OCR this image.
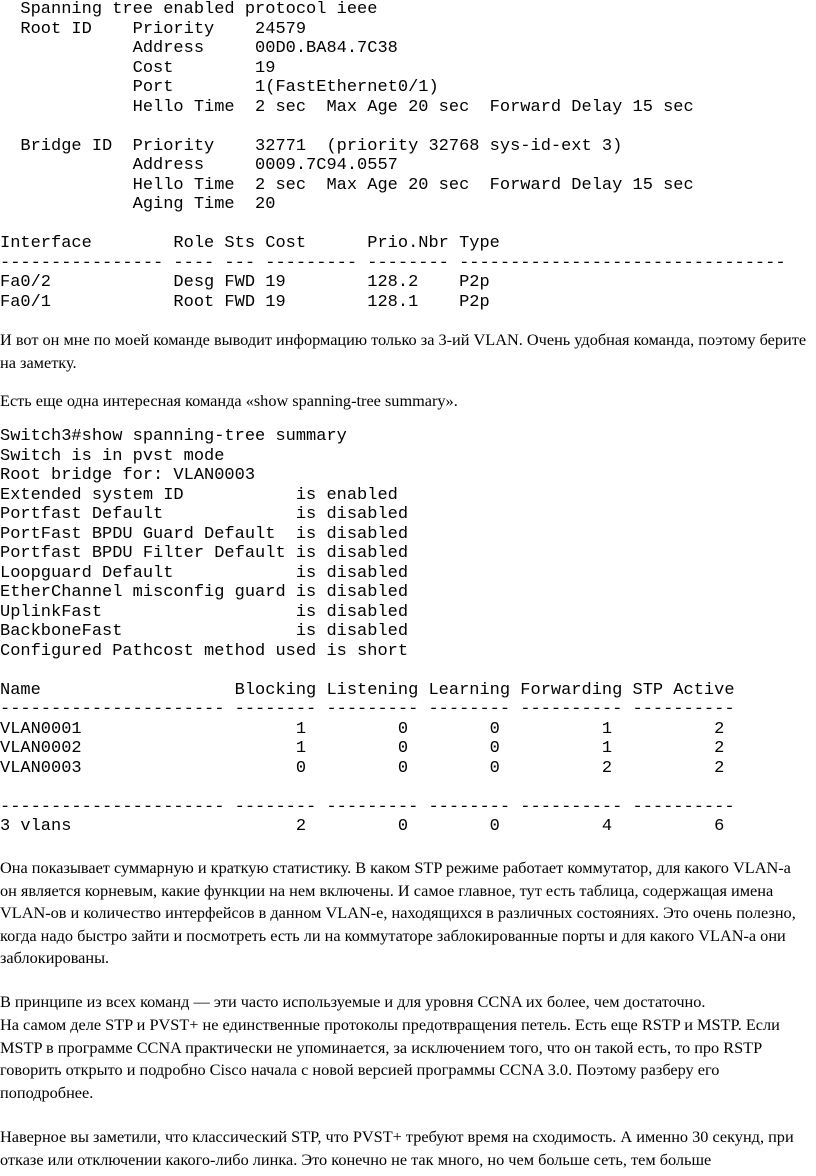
Spanning tree enabled protocol ieee
Root ID    Priority    24579
Address     00D0.BA84.7C38
Cost        19
Port        1(FastEthernet0/1)
Hello Time  2 sec  Max Age 20 sec  Forward Delay 15 sec

Bridge ID  Priority    32771  (priority 32768 sys-id-ext 3)
Address     0009.7C94.0557
Hello Time  2 sec  Max Age 20 sec  Forward Delay 15 sec
Aging Time  20

Interface        Role Sts Cost      Prio.Nbr Type
---------------- ---- --- --------- -------- --------------------------------
Fa0/2            Desg FWD 19        128.2    P2p
Fa0/1            Root FWD 19        128.1    P2p

И вот он мне по моей команде выводит информацию только за 3-ий VLAN. Очень удобная команда, поэтому берите на заметку.

Есть еще одна интересная команда «show spanning-tree summary».

Switch3#show spanning-tree summary
Switch is in pvst mode
Root bridge for: VLAN0003
Extended system ID           is enabled
Portfast Default             is disabled
PortFast BPDU Guard Default  is disabled
Portfast BPDU Filter Default is disabled
Loopguard Default            is disabled
EtherChannel misconfig guard is disabled
UplinkFast                   is disabled
BackboneFast                 is disabled
Configured Pathcost method used is short

Name                   Blocking Listening Learning Forwarding STP Active
---------------------- -------- --------- -------- ---------- ----------
VLAN0001                     1         0        0          1          2
VLAN0002                     1         0        0          1          2
VLAN0003                     0         0        0          2          2

---------------------- -------- --------- -------- ---------- ----------
3 vlans                      2         0        0          4          6

Она показывает суммарную и краткую статистику. В каком STP режиме работает коммутатор, для какого VLAN-а он является корневым, какие функции на нем включены. И самое главное, тут есть таблица, содержащая имена VLAN-ов и количество интерфейсов в данном VLAN-е, находящихся в различных состояниях. Это очень полезно, когда надо быстро зайти и посмотреть есть ли на коммутаторе заблокированные порты и для какого VLAN-а они заблокированы.

В принципе из всех команд — эти часто используемые и для уровня CCNA их более, чем достаточно.

На самом деле STP и PVST+ не единственные протоколы предотвращения петель. Есть еще RSTP и MSTP. Если MSTP в программе CCNA практически не упоминается, за исключением того, что он такой есть, то про RSTP говорить открыто и подробно Cisco начала с новой версией программы CCNA 3.0. Поэтому разберу его поподробнее.

Наверное вы заметили, что классический STP, что PVST+ требуют время на сходимость. А именно 30 секунд, при отказе или отключении какого-либо линка. Это конечно не так много, но чем больше сеть, тем больше
